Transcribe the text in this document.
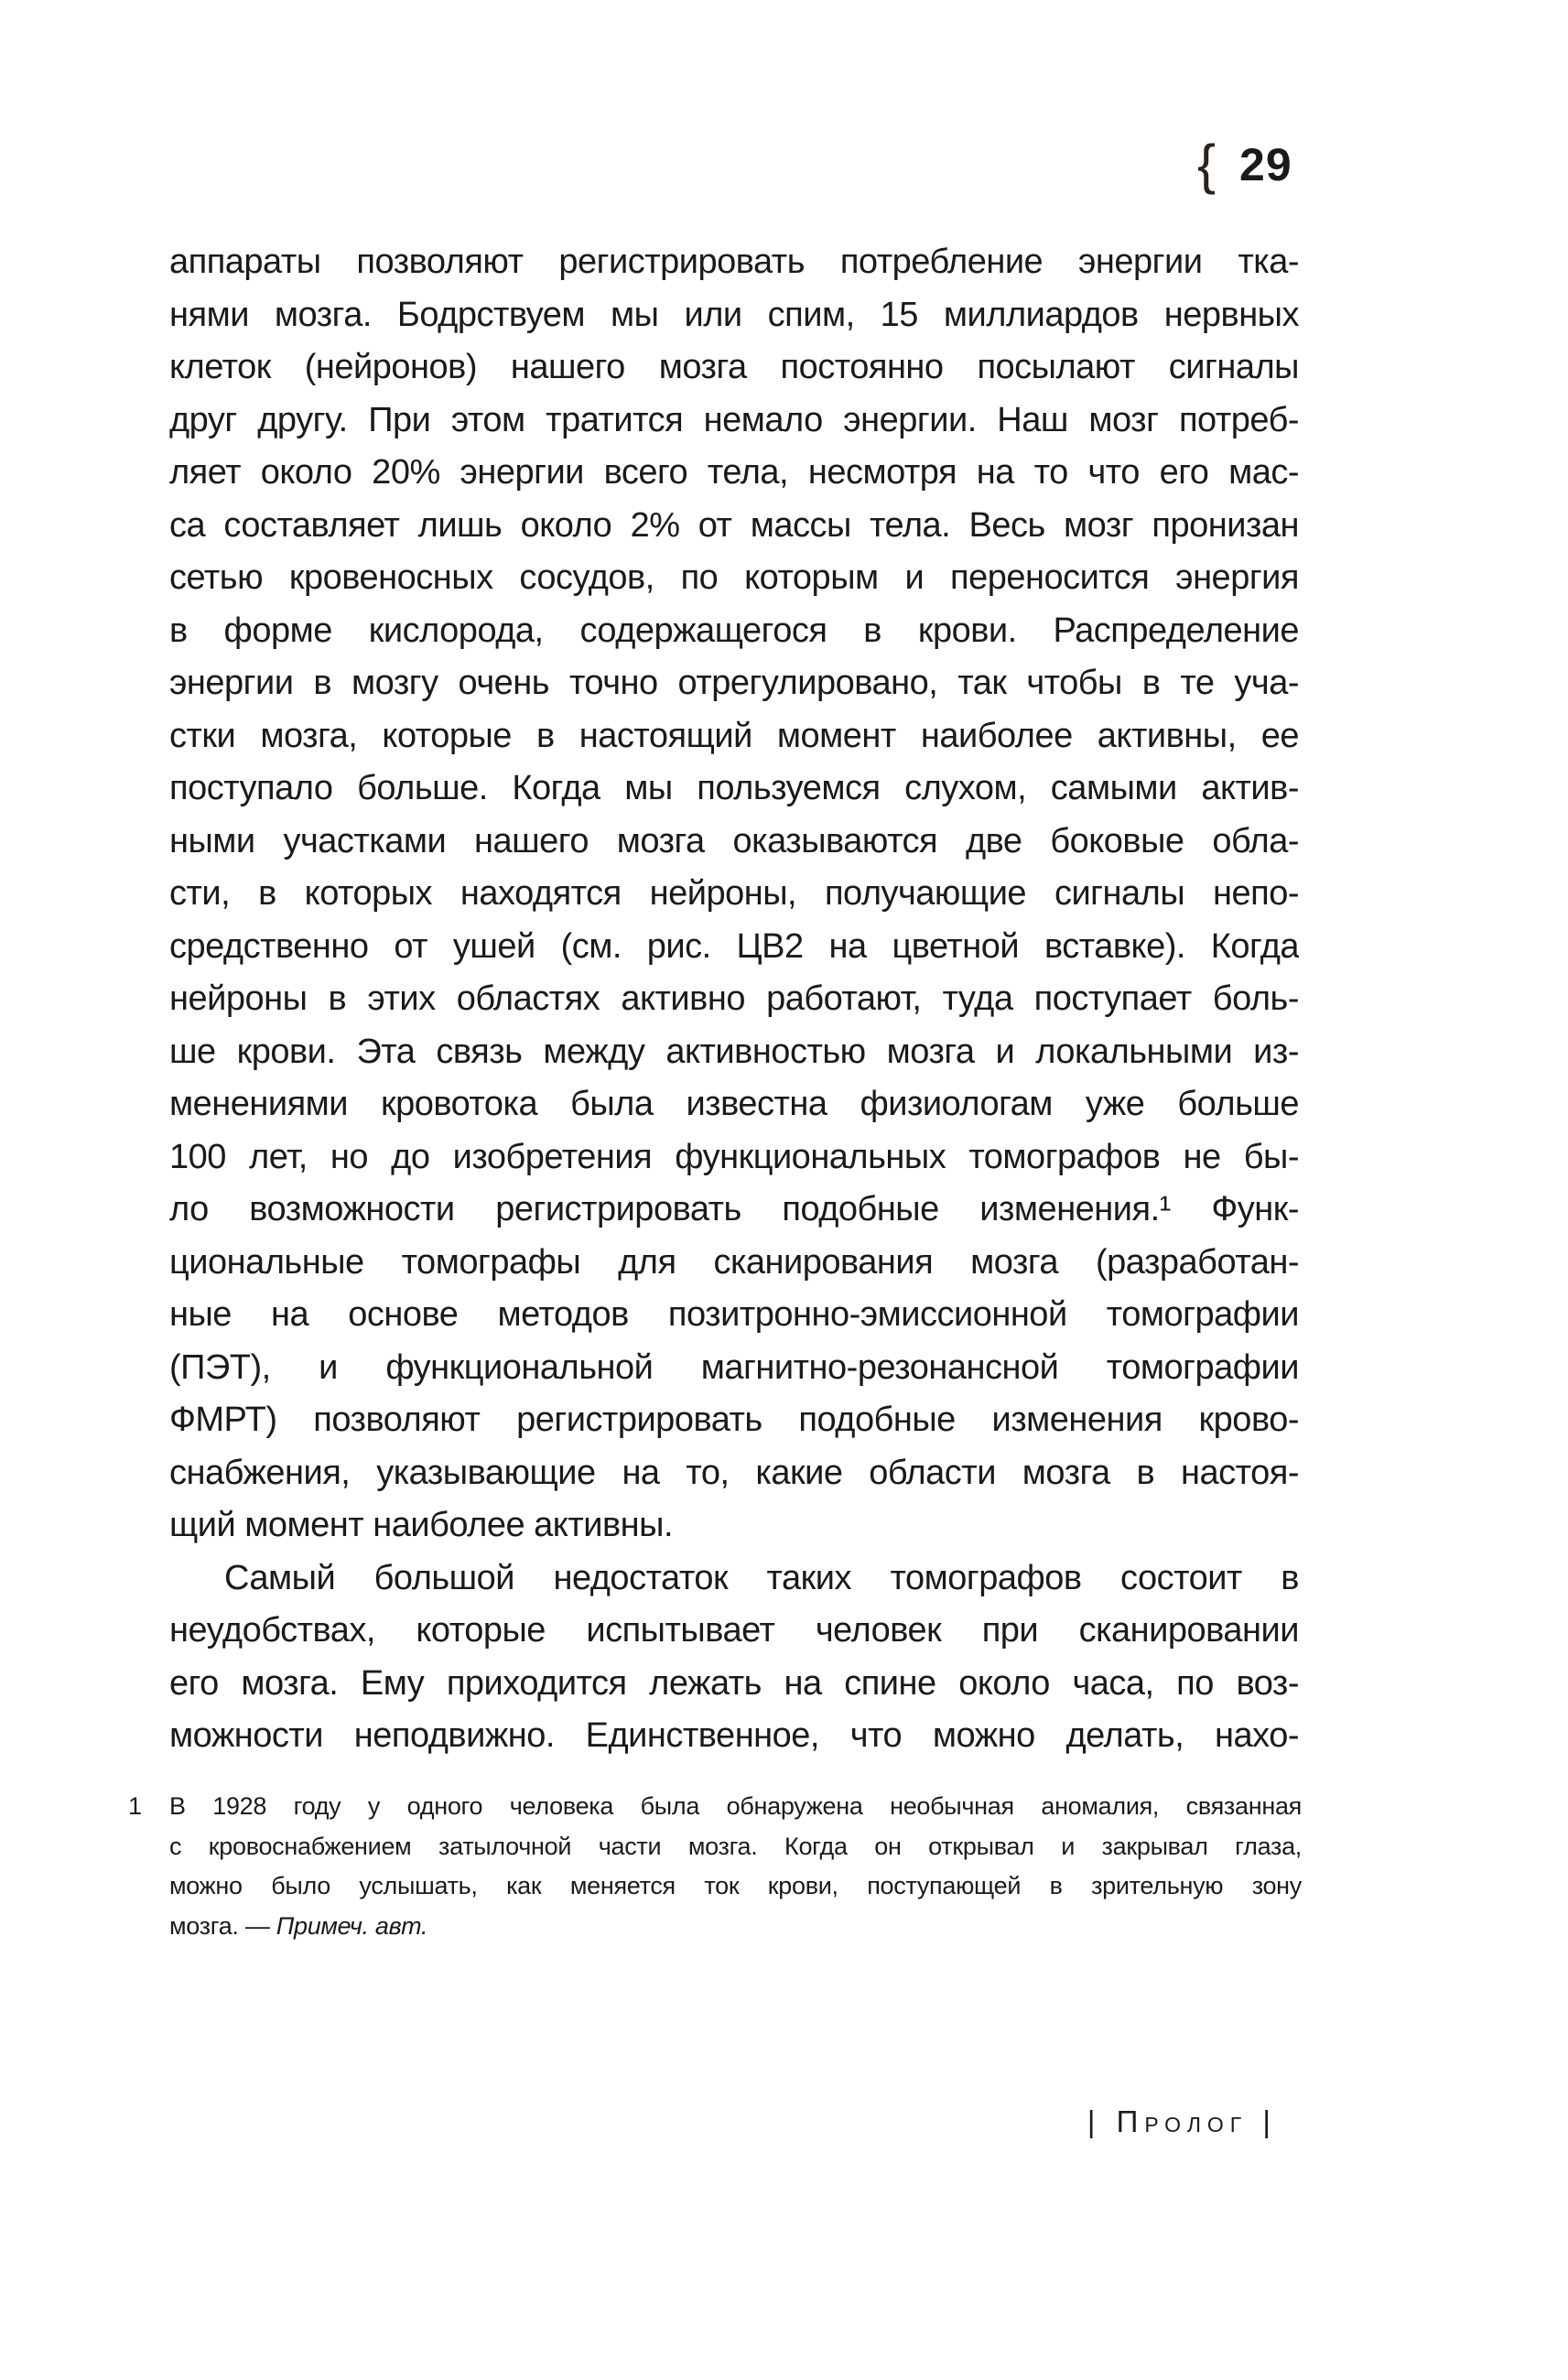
{ 29
аппараты позволяют регистрировать потребление энергии тка-
нями мозга. Бодрствуем мы или спим, 15 миллиардов нервных
клеток (нейронов) нашего мозга постоянно посылают сигналы
друг другу. При этом тратится немало энергии. Наш мозг потреб-
ляет около 20% энергии всего тела, несмотря на то что его мас-
са составляет лишь около 2% от массы тела. Весь мозг пронизан
сетью кровеносных сосудов, по которым и переносится энергия
в форме кислорода, содержащегося в крови. Распределение
энергии в мозгу очень точно отрегулировано, так чтобы в те уча-
стки мозга, которые в настоящий момент наиболее активны, ее
поступало больше. Когда мы пользуемся слухом, самыми актив-
ными участками нашего мозга оказываются две боковые обла-
сти, в которых находятся нейроны, получающие сигналы непо-
средственно от ушей (см. рис. ЦВ2 на цветной вставке). Когда
нейроны в этих областях активно работают, туда поступает боль-
ше крови. Эта связь между активностью мозга и локальными из-
менениями кровотока была известна физиологам уже больше
100 лет, но до изобретения функциональных томографов не бы-
ло возможности регистрировать подобные изменения.¹ Функ-
циональные томографы для сканирования мозга (разработан-
ные на основе методов позитронно-эмиссионной томографии
(ПЭТ), и функциональной магнитно-резонансной томографии
ФМРТ) позволяют регистрировать подобные изменения крово-
снабжения, указывающие на то, какие области мозга в настоя-
щий момент наиболее активны.
Самый большой недостаток таких томографов состоит в
неудобствах, которые испытывает человек при сканировании
его мозга. Ему приходится лежать на спине около часа, по воз-
можности неподвижно. Единственное, что можно делать, нахо-
1	В 1928 году у одного человека была обнаружена необычная аномалия, связанная
с кровоснабжением затылочной части мозга. Когда он открывал и закрывал глаза,
можно было услышать, как меняется ток крови, поступающей в зрительную зону
мозга. — Примеч. авт.
| Пролог |
